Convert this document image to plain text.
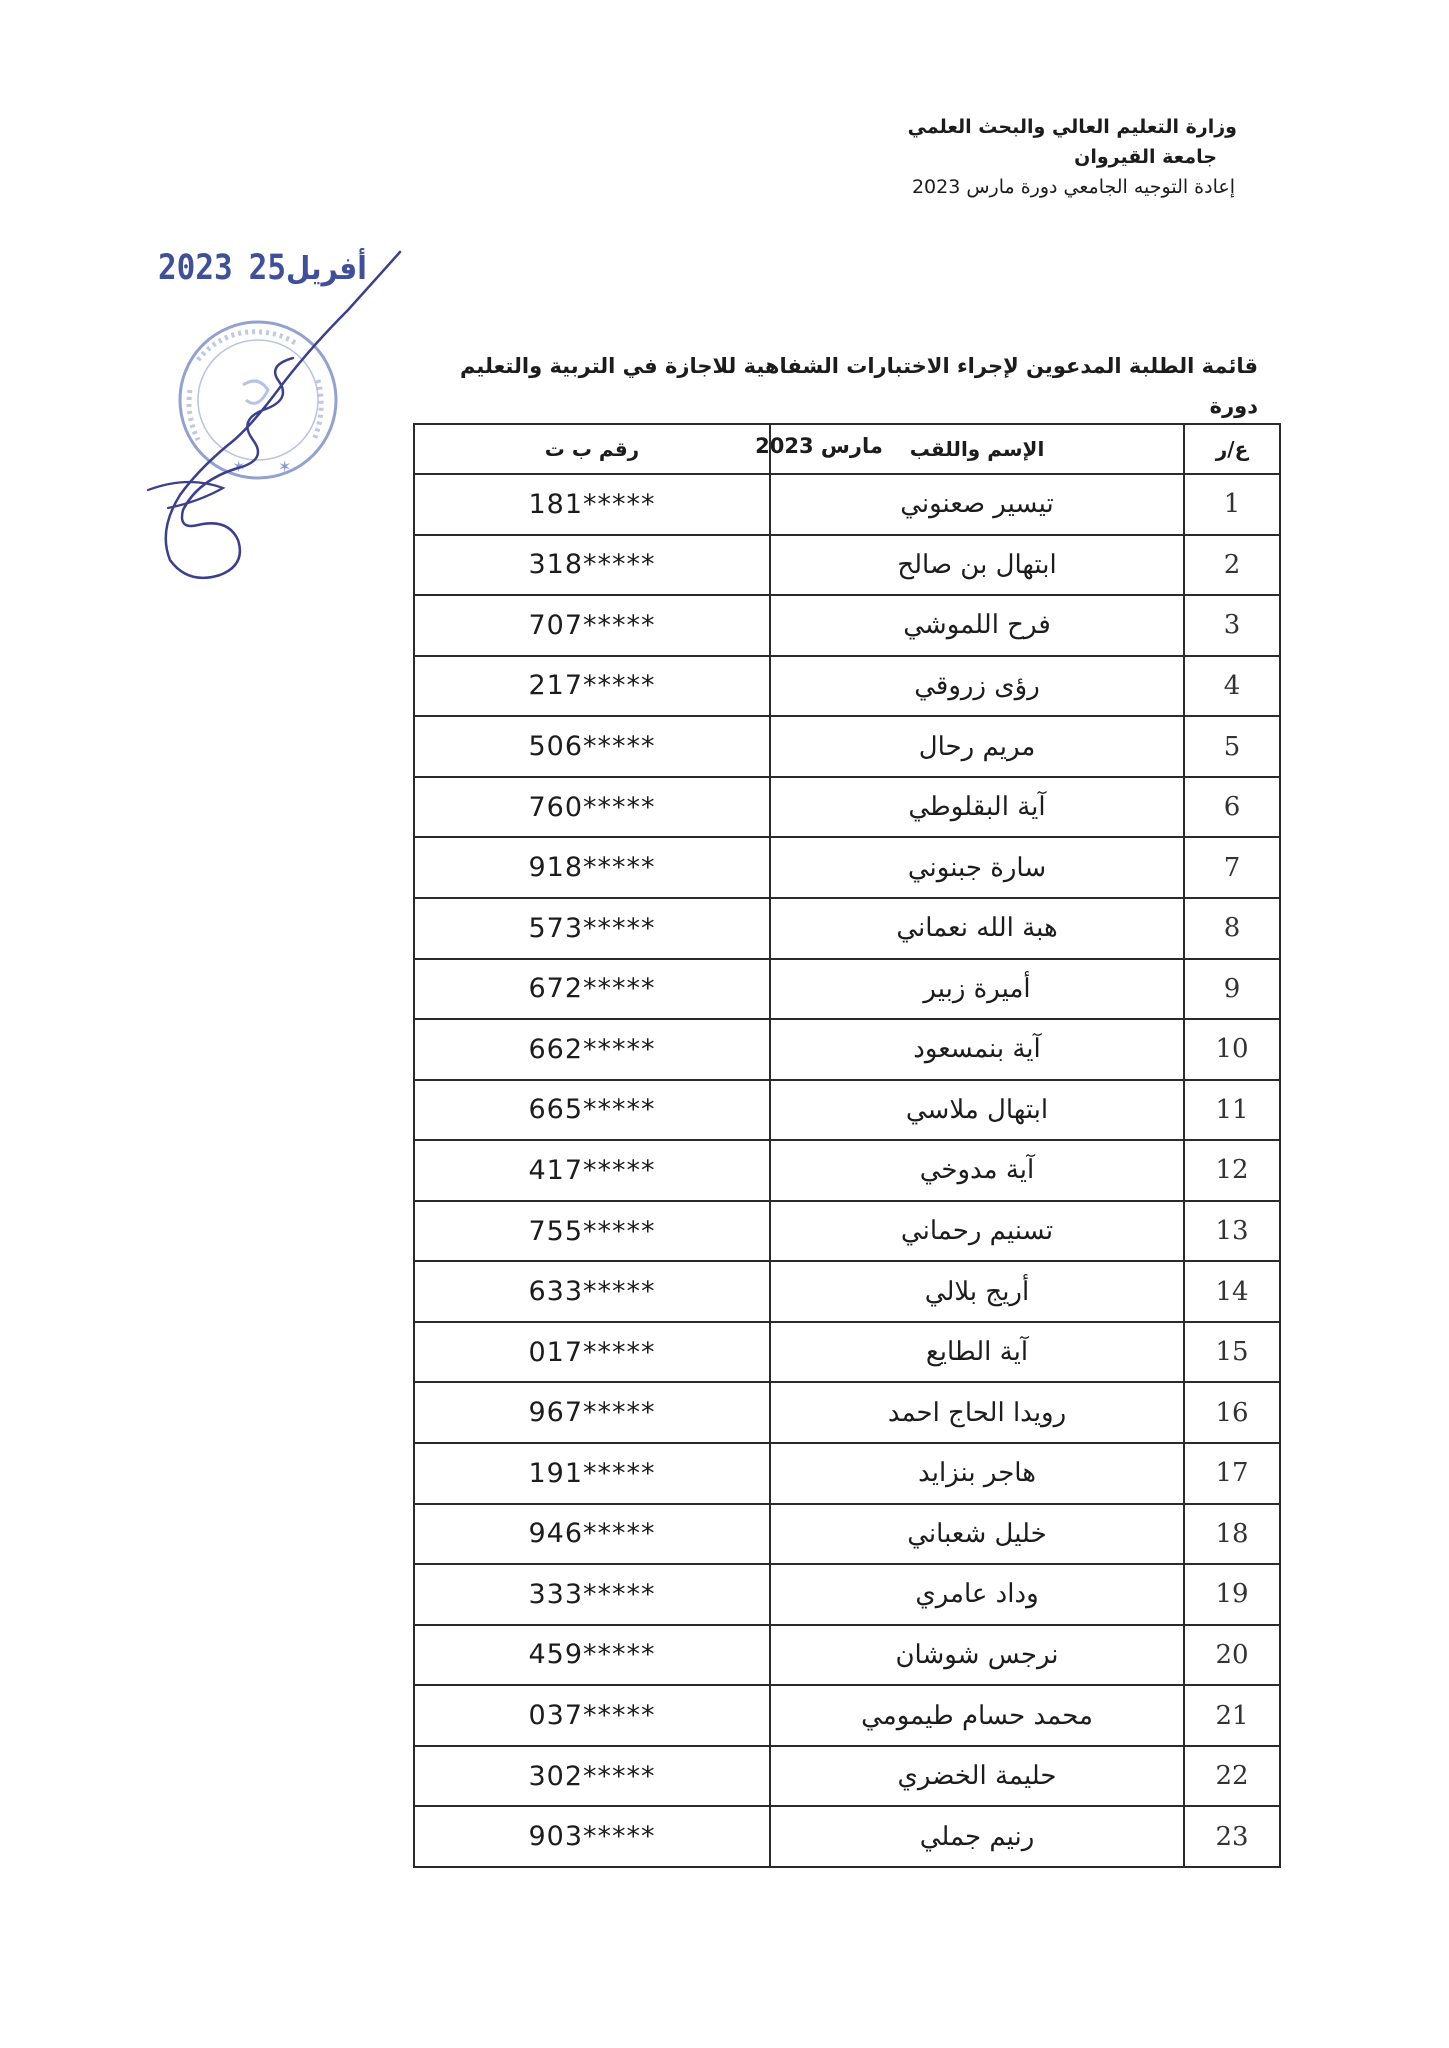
وزارة التعليم العالي والبحث العلمي
جامعة القيروان
إعادة التوجيه الجامعي دورة مارس 2023
✶ ✶
2023 أفريل25
قائمة الطلبة المدعوين لإجراء الاختبارات الشفاهية للاجازة في التربية والتعليم دورة
مارس 2023	ع/ر	الإسم واللقب	رقم ب ت
1	تيسير صعنوني	181*****
2	ابتهال بن صالح	318*****
3	فرح اللموشي	707*****
4	رؤى زروقي	217*****
5	مريم رحال	506*****
6	آية البقلوطي	760*****
7	سارة جبنوني	918*****
8	هبة الله نعماني	573*****
9	أميرة زبير	672*****
10	آية بنمسعود	662*****
11	ابتهال ملاسي	665*****
12	آية مدوخي	417*****
13	تسنيم رحماني	755*****
14	أريج بلالي	633*****
15	آية الطايع	017*****
16	رويدا الحاج احمد	967*****
17	هاجر بنزايد	191*****
18	خليل شعباني	946*****
19	وداد عامري	333*****
20	نرجس شوشان	459*****
21	محمد حسام طيمومي	037*****
22	حليمة الخضري	302*****
23	رنيم جملي	903*****
